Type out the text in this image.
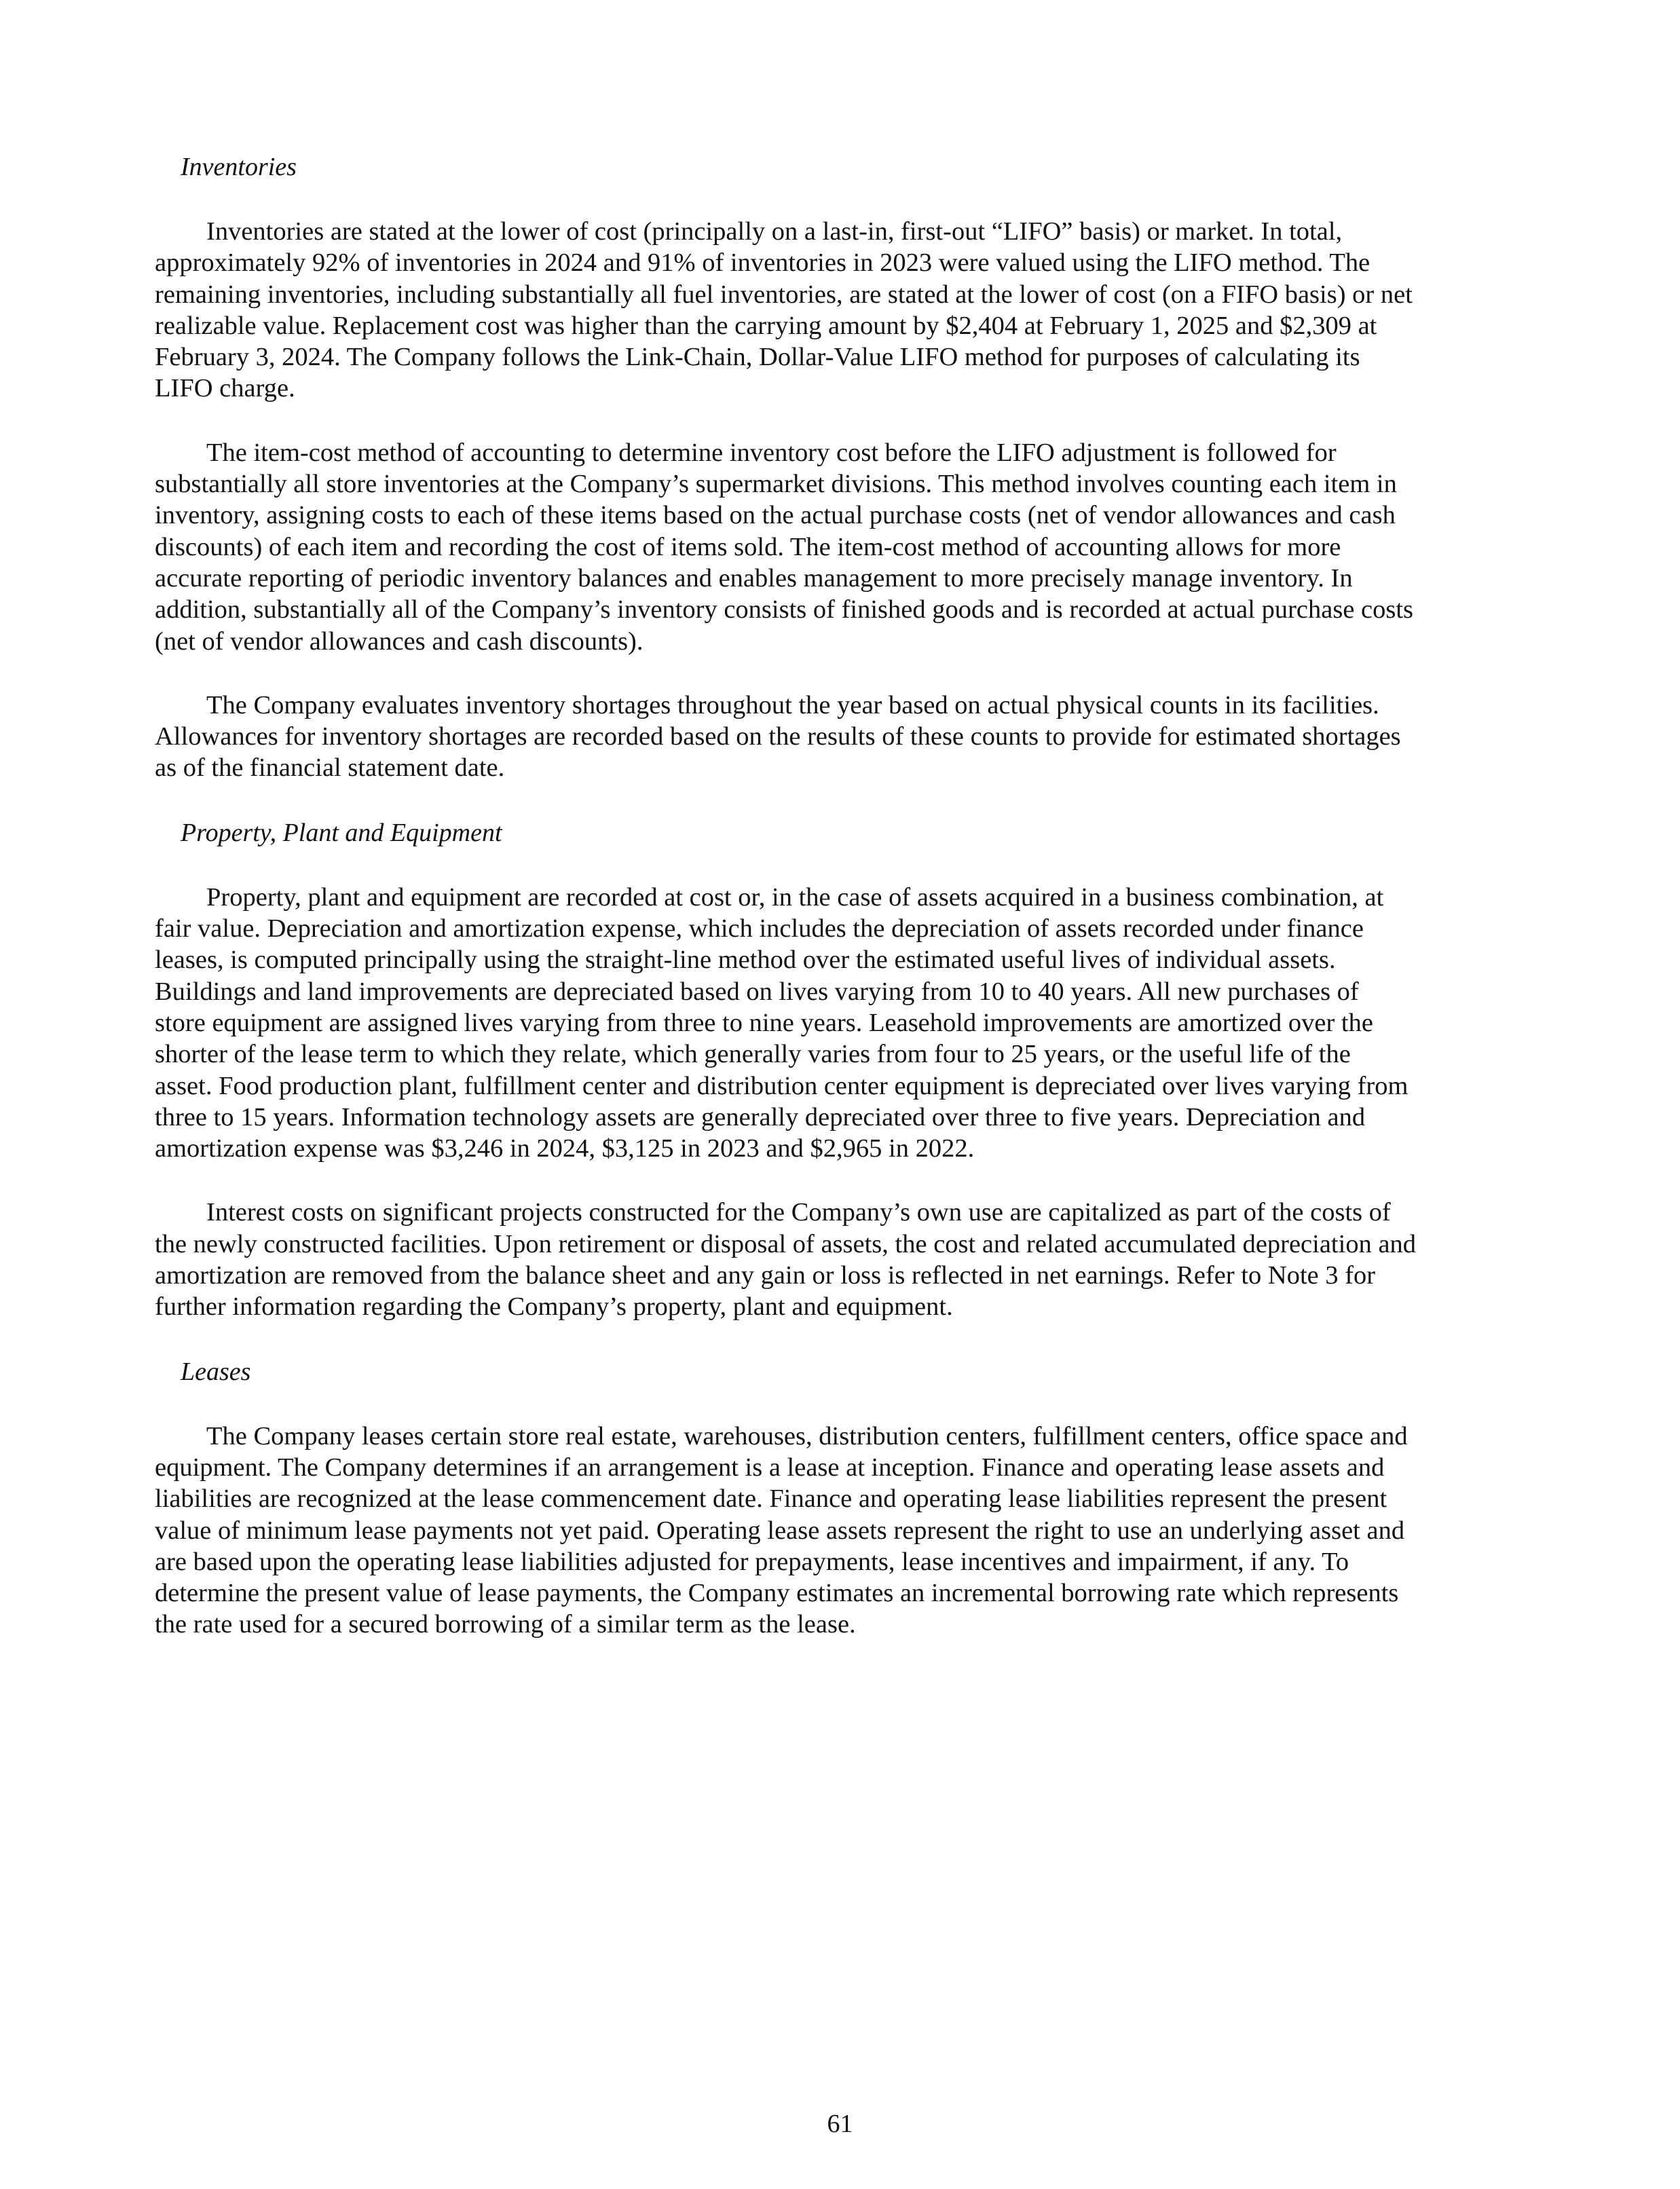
Inventories
Inventories are stated at the lower of cost (principally on a last-in, first-out “LIFO” basis) or market. In total,
approximately 92% of inventories in 2024 and 91% of inventories in 2023 were valued using the LIFO method. The
remaining inventories, including substantially all fuel inventories, are stated at the lower of cost (on a FIFO basis) or net
realizable value. Replacement cost was higher than the carrying amount by $2,404 at February 1, 2025 and $2,309 at
February 3, 2024. The Company follows the Link-Chain, Dollar-Value LIFO method for purposes of calculating its
LIFO charge.
The item-cost method of accounting to determine inventory cost before the LIFO adjustment is followed for
substantially all store inventories at the Company’s supermarket divisions. This method involves counting each item in
inventory, assigning costs to each of these items based on the actual purchase costs (net of vendor allowances and cash
discounts) of each item and recording the cost of items sold. The item-cost method of accounting allows for more
accurate reporting of periodic inventory balances and enables management to more precisely manage inventory. In
addition, substantially all of the Company’s inventory consists of finished goods and is recorded at actual purchase costs
(net of vendor allowances and cash discounts).
The Company evaluates inventory shortages throughout the year based on actual physical counts in its facilities.
Allowances for inventory shortages are recorded based on the results of these counts to provide for estimated shortages
as of the financial statement date.
Property, Plant and Equipment
Property, plant and equipment are recorded at cost or, in the case of assets acquired in a business combination, at
fair value. Depreciation and amortization expense, which includes the depreciation of assets recorded under finance
leases, is computed principally using the straight-line method over the estimated useful lives of individual assets.
Buildings and land improvements are depreciated based on lives varying from 10 to 40 years. All new purchases of
store equipment are assigned lives varying from three to nine years. Leasehold improvements are amortized over the
shorter of the lease term to which they relate, which generally varies from four to 25 years, or the useful life of the
asset. Food production plant, fulfillment center and distribution center equipment is depreciated over lives varying from
three to 15 years. Information technology assets are generally depreciated over three to five years. Depreciation and
amortization expense was $3,246 in 2024, $3,125 in 2023 and $2,965 in 2022.
Interest costs on significant projects constructed for the Company’s own use are capitalized as part of the costs of
the newly constructed facilities. Upon retirement or disposal of assets, the cost and related accumulated depreciation and
amortization are removed from the balance sheet and any gain or loss is reflected in net earnings. Refer to Note 3 for
further information regarding the Company’s property, plant and equipment.
Leases
The Company leases certain store real estate, warehouses, distribution centers, fulfillment centers, office space and
equipment. The Company determines if an arrangement is a lease at inception. Finance and operating lease assets and
liabilities are recognized at the lease commencement date. Finance and operating lease liabilities represent the present
value of minimum lease payments not yet paid. Operating lease assets represent the right to use an underlying asset and
are based upon the operating lease liabilities adjusted for prepayments, lease incentives and impairment, if any. To
determine the present value of lease payments, the Company estimates an incremental borrowing rate which represents
the rate used for a secured borrowing of a similar term as the lease.
61
